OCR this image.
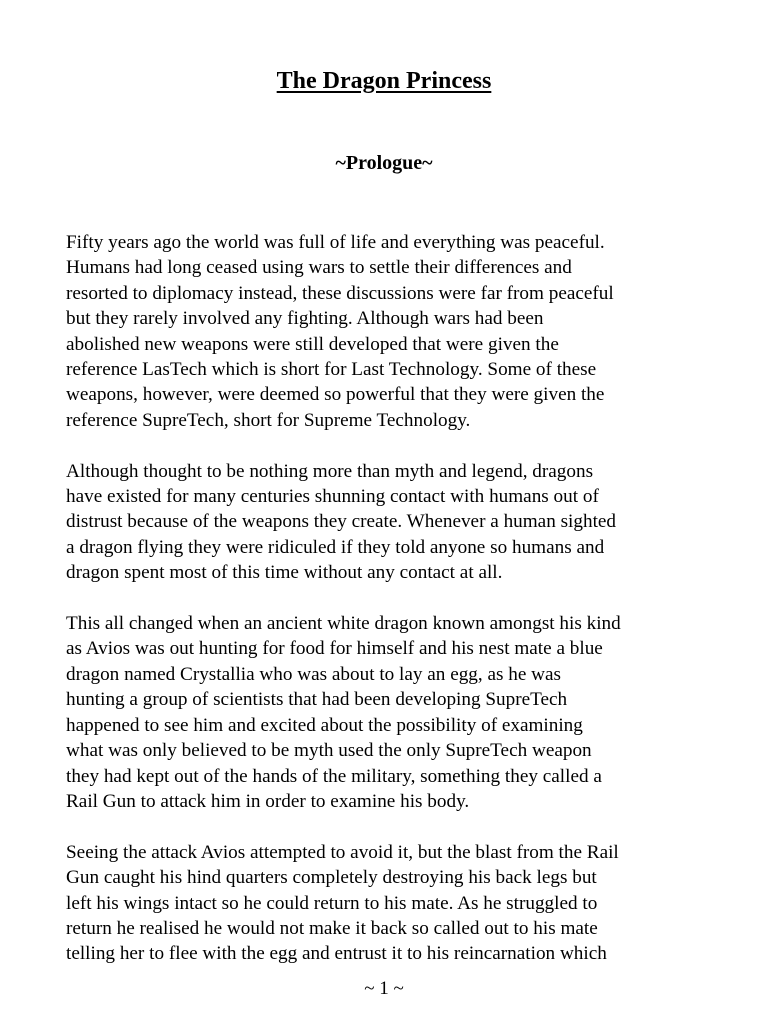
The Dragon Princess
~Prologue~

Fifty years ago the world was full of life and everything was peaceful.
Humans had long ceased using wars to settle their differences and
resorted to diplomacy instead, these discussions were far from peaceful
but they rarely involved any fighting. Although wars had been
abolished new weapons were still developed that were given the
reference LasTech which is short for Last Technology. Some of these
weapons, however, were deemed so powerful that they were given the
reference SupreTech, short for Supreme Technology.

Although thought to be nothing more than myth and legend, dragons
have existed for many centuries shunning contact with humans out of
distrust because of the weapons they create. Whenever a human sighted
a dragon flying they were ridiculed if they told anyone so humans and
dragon spent most of this time without any contact at all.

This all changed when an ancient white dragon known amongst his kind
as Avios was out hunting for food for himself and his nest mate a blue
dragon named Crystallia who was about to lay an egg, as he was
hunting a group of scientists that had been developing SupreTech
happened to see him and excited about the possibility of examining
what was only believed to be myth used the only SupreTech weapon
they had kept out of the hands of the military, something they called a
Rail Gun to attack him in order to examine his body.

Seeing the attack Avios attempted to avoid it, but the blast from the Rail
Gun caught his hind quarters completely destroying his back legs but
left his wings intact so he could return to his mate. As he struggled to
return he realised he would not make it back so called out to his mate
telling her to flee with the egg and entrust it to his reincarnation which

~ 1 ~
